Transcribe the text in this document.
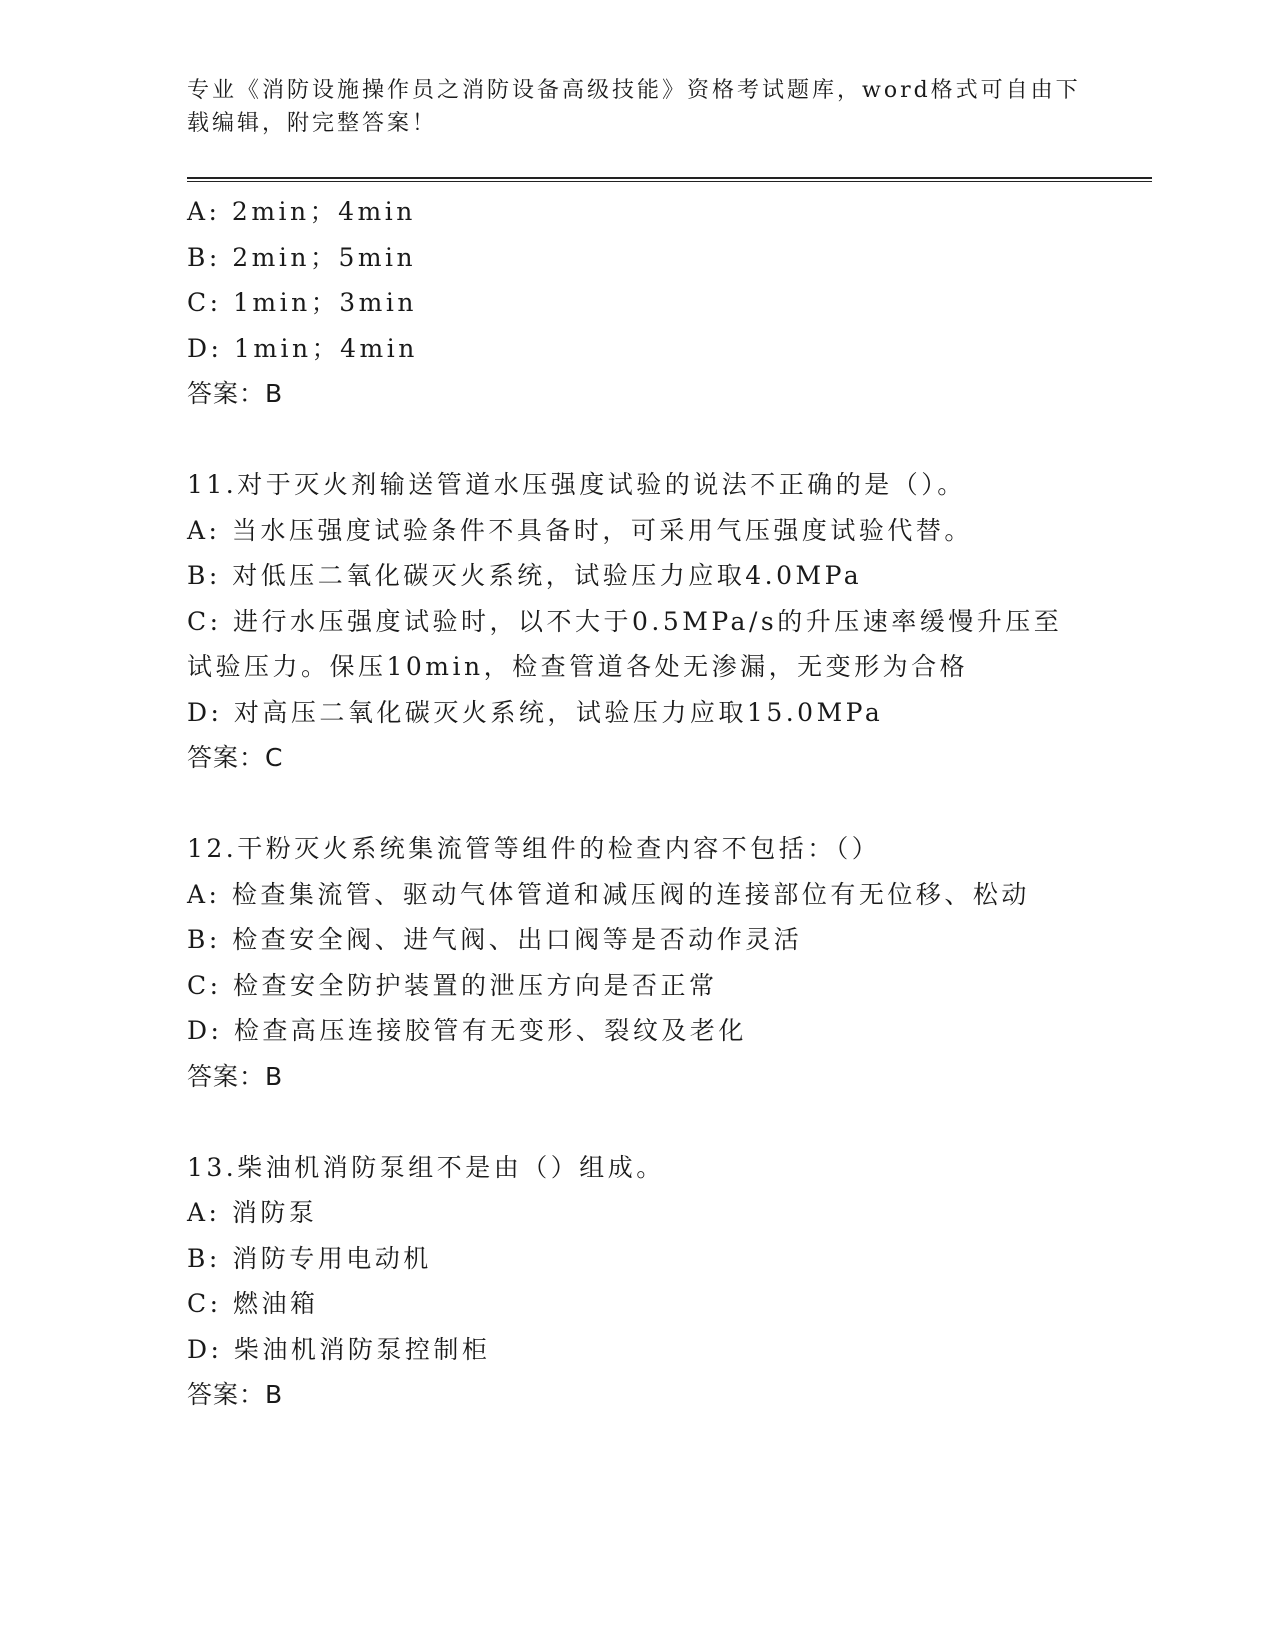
专业《消防设施操作员之消防设备高级技能》资格考试题库，word格式可自由下
载编辑，附完整答案！
A: 2min；4min
B: 2min；5min
C: 1min；3min
D: 1min；4min
答案：B
11.对于灭火剂输送管道水压强度试验的说法不正确的是（）。
A: 当水压强度试验条件不具备时，可采用气压强度试验代替。
B: 对低压二氧化碳灭火系统，试验压力应取4.0MPa
C: 进行水压强度试验时，以不大于0.5MPa/s的升压速率缓慢升压至
试验压力。保压10min，检查管道各处无渗漏，无变形为合格
D: 对高压二氧化碳灭火系统，试验压力应取15.0MPa
答案：C
12.干粉灭火系统集流管等组件的检查内容不包括：（）
A: 检查集流管、驱动气体管道和减压阀的连接部位有无位移、松动
B: 检查安全阀、进气阀、出口阀等是否动作灵活
C: 检查安全防护装置的泄压方向是否正常
D: 检查高压连接胶管有无变形、裂纹及老化
答案：B
13.柴油机消防泵组不是由（）组成。
A: 消防泵
B: 消防专用电动机
C: 燃油箱
D: 柴油机消防泵控制柜
答案：B
